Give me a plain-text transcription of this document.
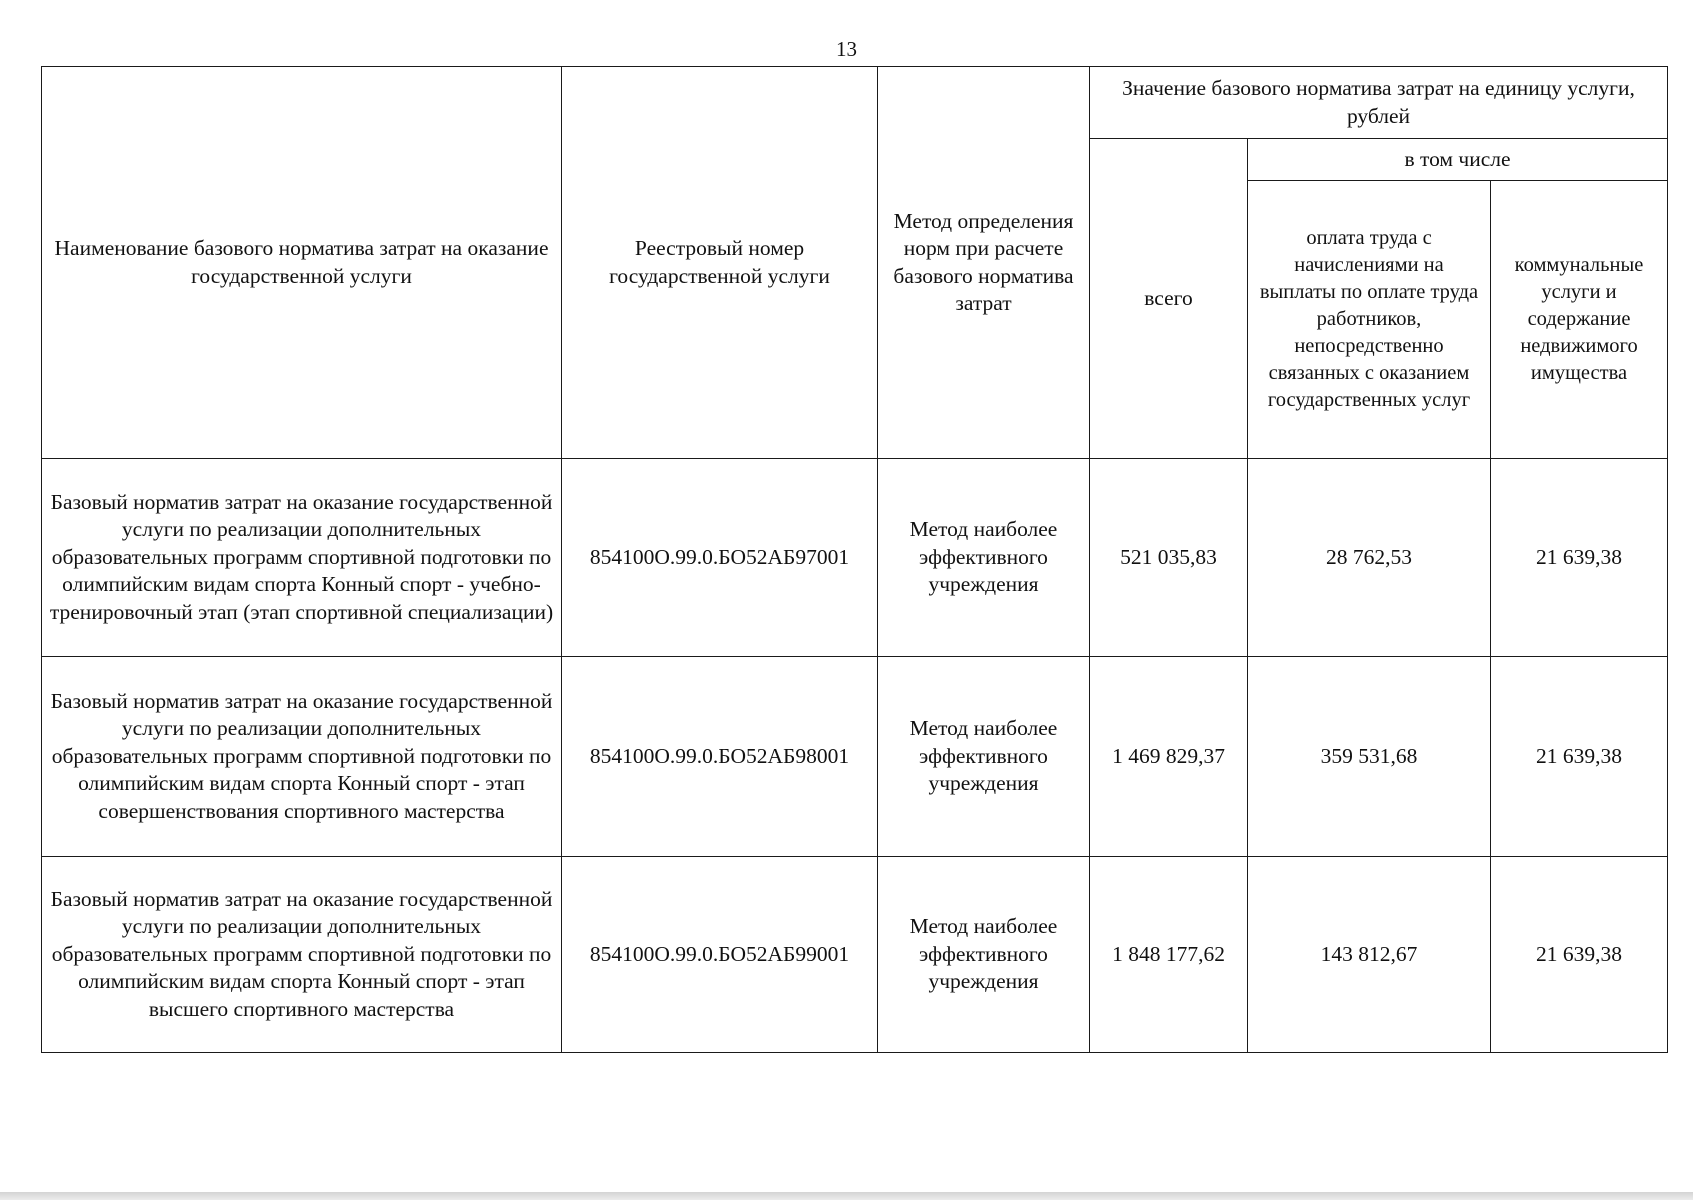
13
Наименование базового норматива затрат на оказание государственной услуги	Реестровый номер государственной услуги	Метод определения норм при расчете базового норматива затрат	Значение базового норматива затрат на единицу услуги, рублей		
			всего	в том числе	
				оплата труда с начислениями на выплаты по оплате труда работников, непосредственно связанных с оказанием государственных услуг	коммунальные услуги и содержание недвижимого имущества
Базовый норматив затрат на оказание государственной услуги по реализации дополнительных образовательных программ спортивной подготовки по олимпийским видам спорта Конный спорт - учебно-тренировочный этап (этап спортивной специализации)	854100О.99.0.БО52АБ97001	Метод наиболее эффективного учреждения	521 035,83	28 762,53	21 639,38
Базовый норматив затрат на оказание государственной услуги по реализации дополнительных образовательных программ спортивной подготовки по олимпийским видам спорта Конный спорт - этап совершенствования спортивного мастерства	854100О.99.0.БО52АБ98001	Метод наиболее эффективного учреждения	1 469 829,37	359 531,68	21 639,38
Базовый норматив затрат на оказание государственной услуги по реализации дополнительных образовательных программ спортивной подготовки по олимпийским видам спорта Конный спорт - этап высшего спортивного мастерства	854100О.99.0.БО52АБ99001	Метод наиболее эффективного учреждения	1 848 177,62	143 812,67	21 639,38
